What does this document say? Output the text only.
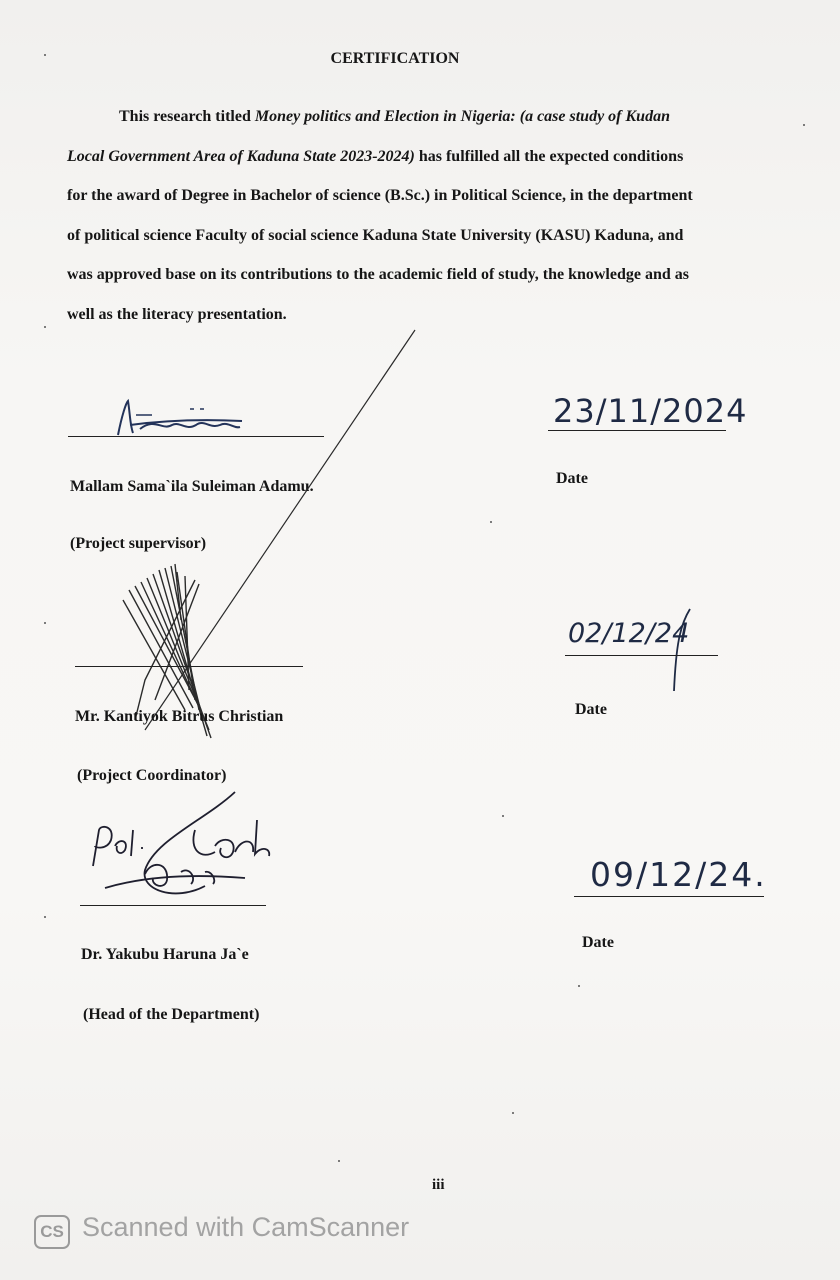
CERTIFICATION
This research titled Money politics and Election in Nigeria: (a case study of Kudan
Local Government Area of Kaduna State 2023-2024) has fulfilled all the expected conditions
for the award of Degree in Bachelor of science (B.Sc.) in Political Science, in the department
of political science Faculty of social science Kaduna State University (KASU) Kaduna, and
was approved base on its contributions to the academic field of study, the knowledge and as
well as the literacy presentation.
Mallam Sama`ila Suleiman Adamu.
(Project supervisor)
23/11/2024
Date
Mr. Kantiyok Bitrus Christian
(Project Coordinator)
02/12/24
Date
Dr. Yakubu Haruna Ja`e
(Head of the Department)
09/12/24.
Date
iii
CS Scanned with CamScanner
